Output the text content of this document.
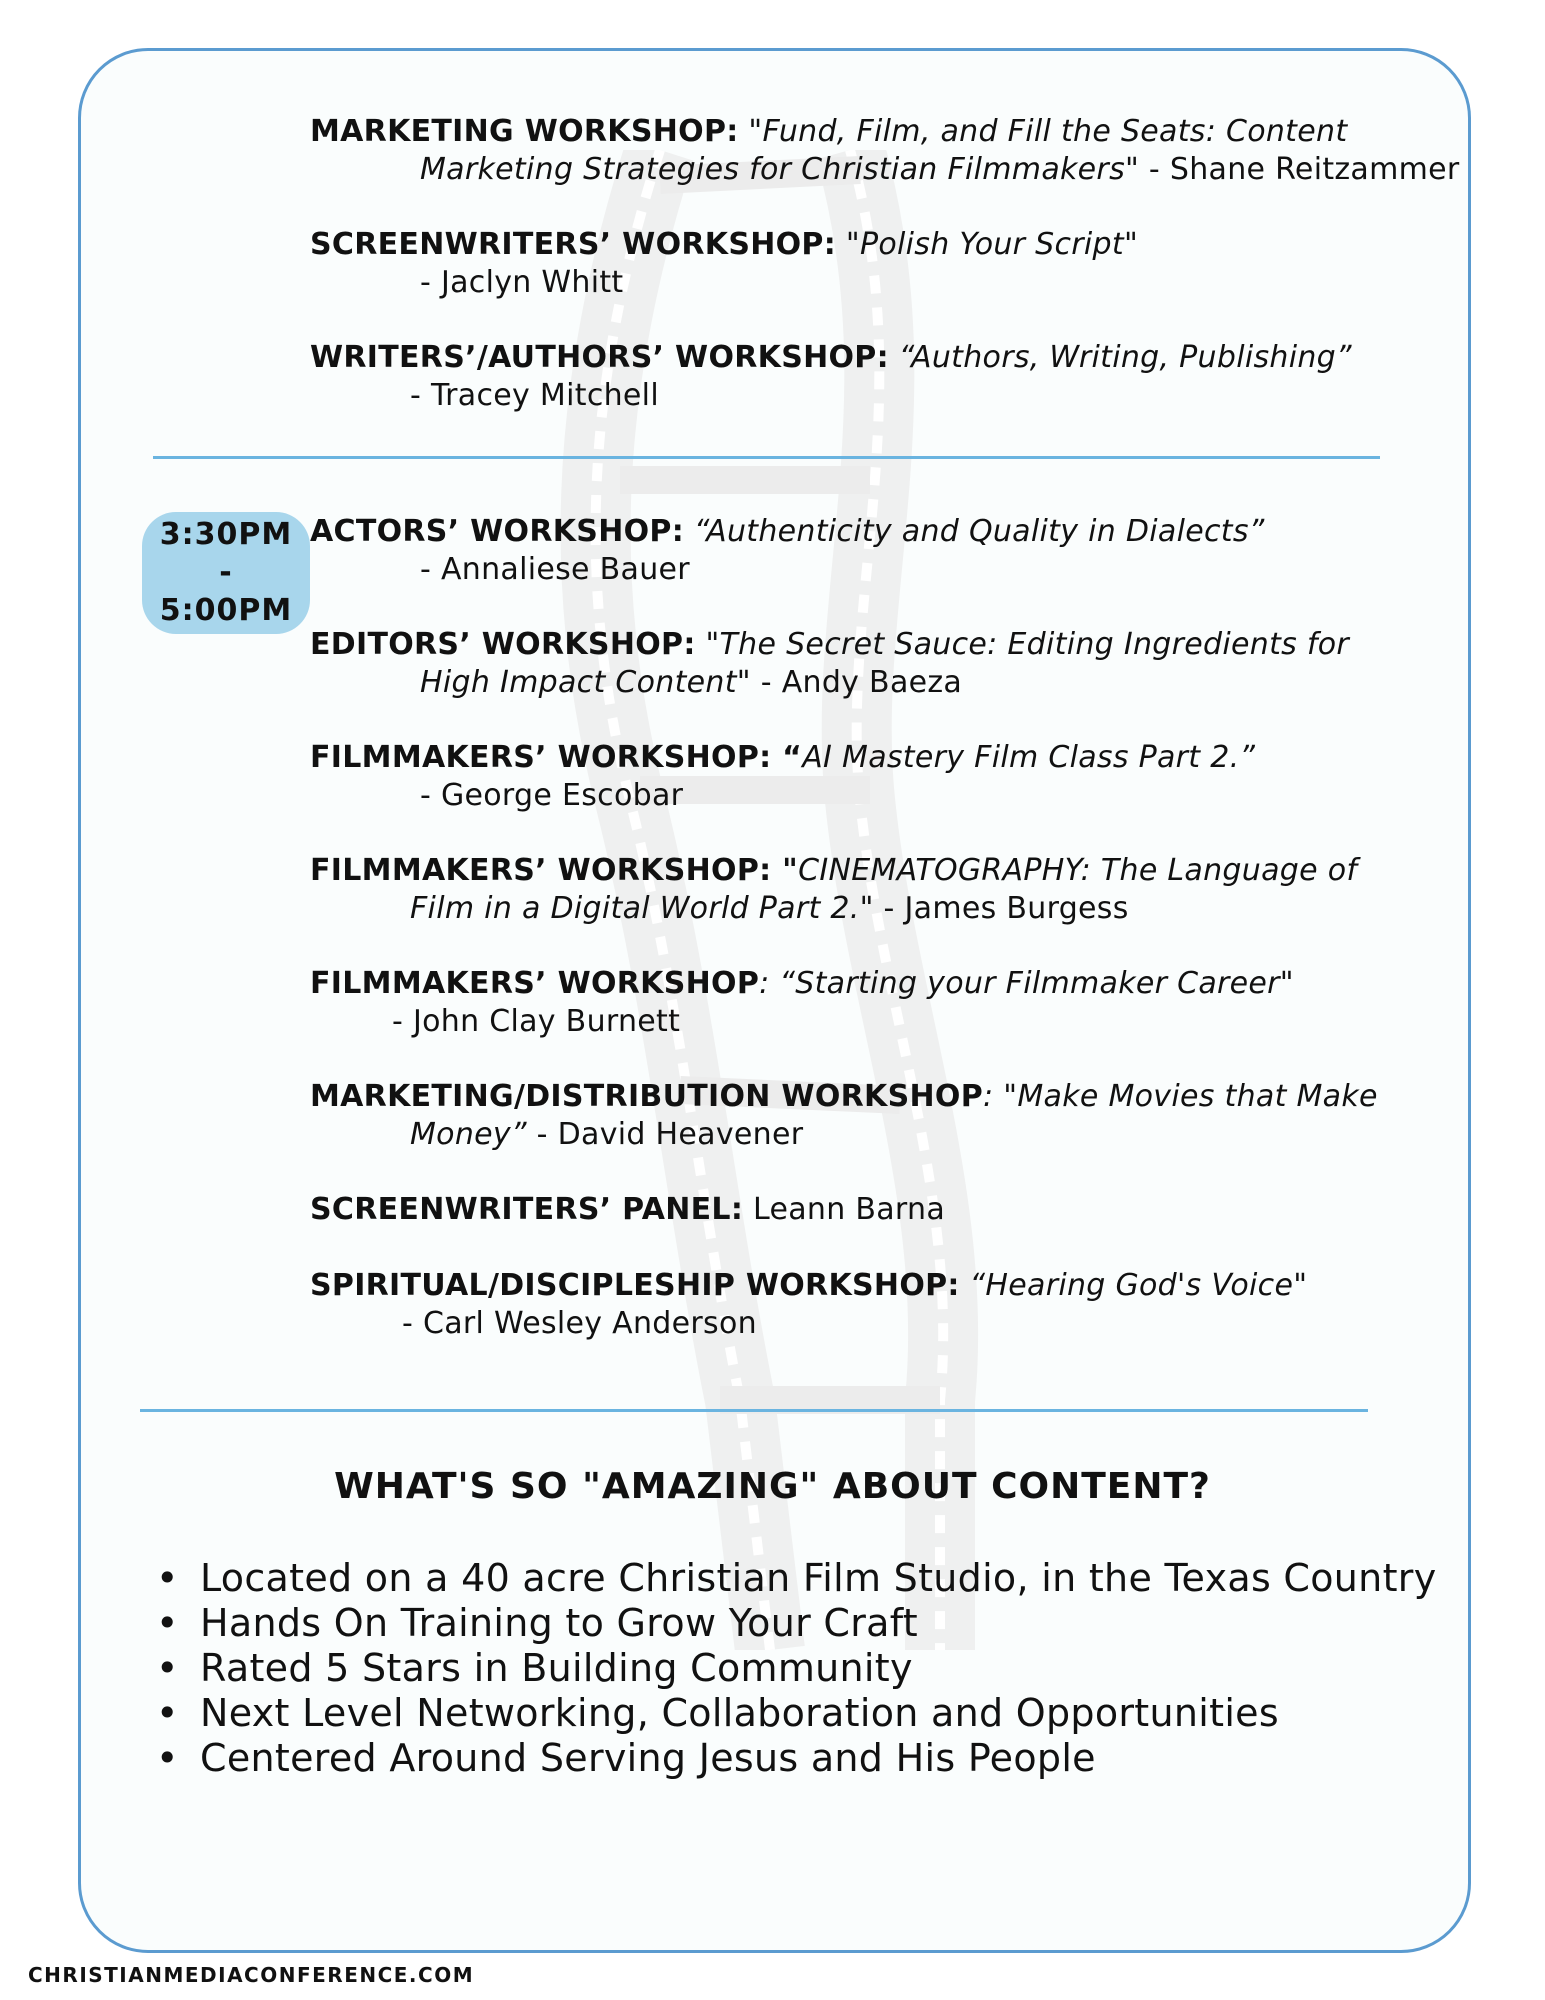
MARKETING WORKSHOP: "Fund, Film, and Fill the Seats: Content
Marketing Strategies for Christian Filmmakers" - Shane Reitzammer
SCREENWRITERS’ WORKSHOP: "Polish Your Script"
- Jaclyn Whitt
WRITERS’/AUTHORS’ WORKSHOP: “Authors, Writing, Publishing”
- Tracey Mitchell
3:30PM
-
5:00PM
ACTORS’ WORKSHOP: “Authenticity and Quality in Dialects”
- Annaliese Bauer
EDITORS’ WORKSHOP: "The Secret Sauce: Editing Ingredients for
High Impact Content" - Andy Baeza
FILMMAKERS’ WORKSHOP: “AI Mastery Film Class Part 2.”
- George Escobar
FILMMAKERS’ WORKSHOP: "CINEMATOGRAPHY: The Language of
Film in a Digital World Part 2." - James Burgess
FILMMAKERS’ WORKSHOP: “Starting your Filmmaker Career"
- John Clay Burnett
MARKETING/DISTRIBUTION WORKSHOP: "Make Movies that Make
Money” - David Heavener
SCREENWRITERS’ PANEL: Leann Barna
SPIRITUAL/DISCIPLESHIP WORKSHOP: “Hearing God's Voice"
- Carl Wesley Anderson
WHAT'S SO "AMAZING" ABOUT CONTENT?
• Located on a 40 acre Christian Film Studio, in the Texas Country
• Hands On Training to Grow Your Craft
• Rated 5 Stars in Building Community
• Next Level Networking, Collaboration and Opportunities
• Centered Around Serving Jesus and His People
CHRISTIANMEDIACONFERENCE.COM
